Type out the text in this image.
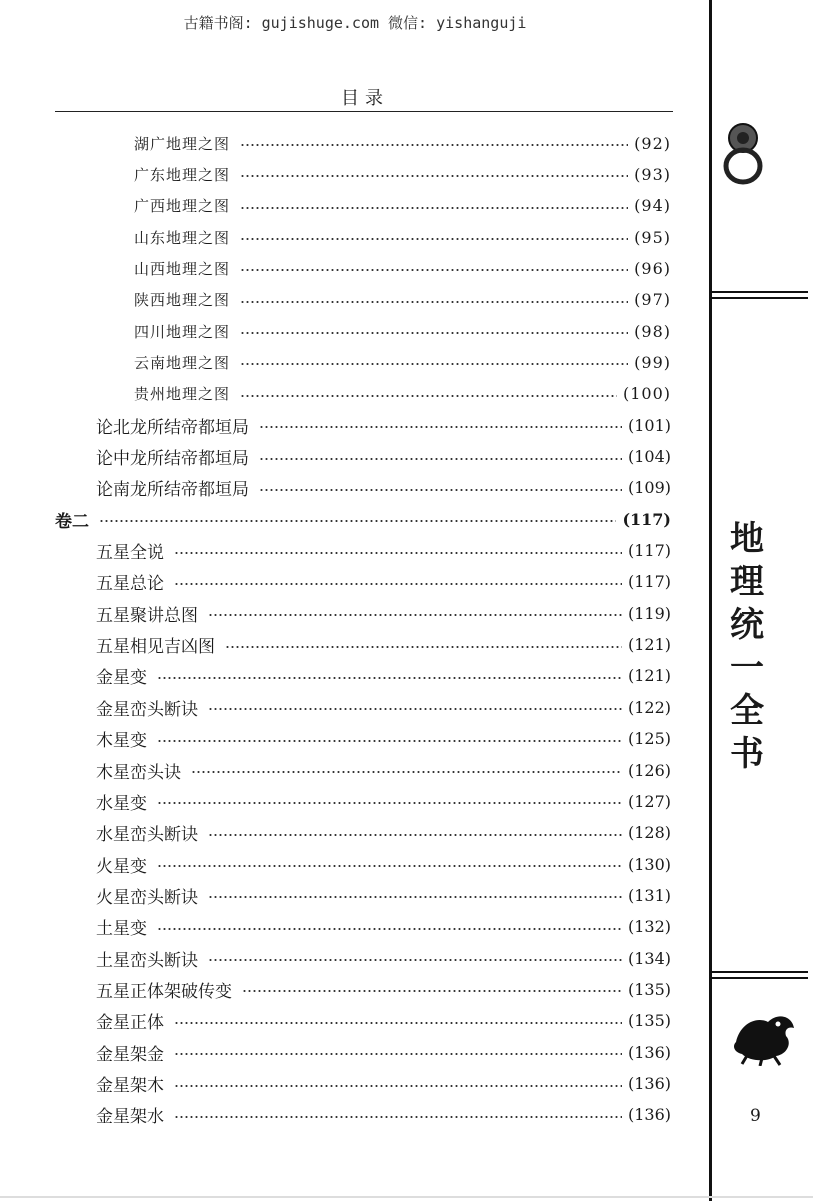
古籍书阁: gujishuge.com 微信: yishanguji
目录
湖广地理之图	(92)
广东地理之图	(93)
广西地理之图	(94)
山东地理之图	(95)
山西地理之图	(96)
陕西地理之图	(97)
四川地理之图	(98)
云南地理之图	(99)
贵州地理之图	(100)
论北龙所结帝都垣局	(101)
论中龙所结帝都垣局	(104)
论南龙所结帝都垣局	(109)
卷二	(117)
五星全说	(117)
五星总论	(117)
五星聚讲总图	(119)
五星相见吉凶图	(121)
金星变	(121)
金星峦头断诀	(122)
木星变	(125)
木星峦头诀	(126)
水星变	(127)
水星峦头断诀	(128)
火星变	(130)
火星峦头断诀	(131)
土星变	(132)
土星峦头断诀	(134)
五星正体架破传变	(135)
金星正体	(135)
金星架金	(136)
金星架木	(136)
金星架水	(136)
地
理
统
一
全
书
9
